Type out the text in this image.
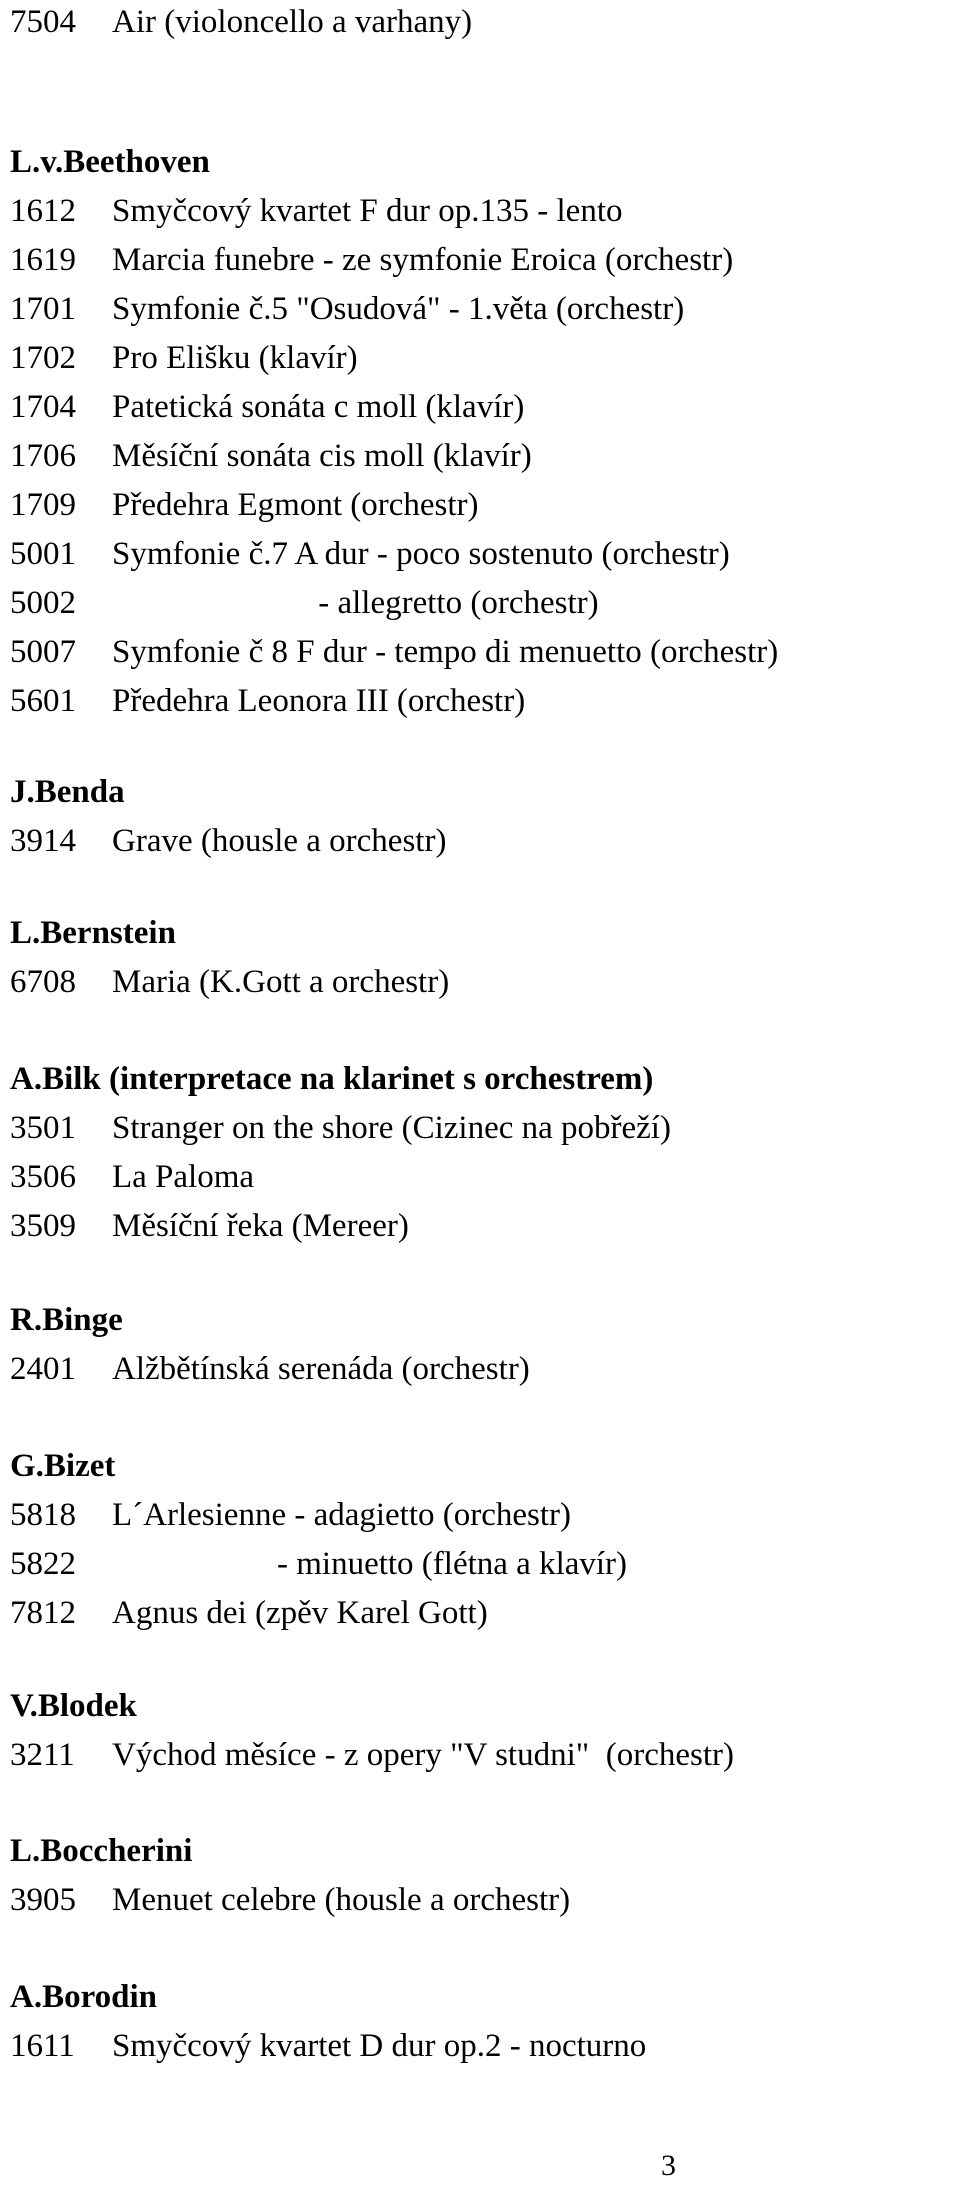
7504 Air (violoncello a varhany)
L.v.Beethoven
1612 Smyčcový kvartet F dur op.135 - lento
1619 Marcia funebre - ze symfonie Eroica (orchestr)
1701 Symfonie č.5 "Osudová" - 1.věta (orchestr)
1702 Pro Elišku (klavír)
1704 Patetická sonáta c moll (klavír)
1706 Měsíční sonáta cis moll (klavír)
1709 Předehra Egmont (orchestr)
5001 Symfonie č.7 A dur - poco sostenuto (orchestr)
5002                         - allegretto (orchestr)
5007 Symfonie č 8 F dur - tempo di menuetto (orchestr)
5601 Předehra Leonora III (orchestr)
J.Benda
3914 Grave (housle a orchestr)
L.Bernstein
6708 Maria (K.Gott a orchestr)
A.Bilk (interpretace na klarinet s orchestrem)
3501 Stranger on the shore (Cizinec na pobřeží)
3506 La Paloma
3509 Měsíční řeka (Mereer)
R.Binge
2401 Alžbětínská serenáda (orchestr)
G.Bizet
5818 L´Arlesienne - adagietto (orchestr)
5822                    - minuetto (flétna a klavír)
7812 Agnus dei (zpěv Karel Gott)
V.Blodek
3211 Východ měsíce - z opery "V studni"  (orchestr)
L.Boccherini
3905 Menuet celebre (housle a orchestr)
A.Borodin
1611 Smyčcový kvartet D dur op.2 - nocturno
3
